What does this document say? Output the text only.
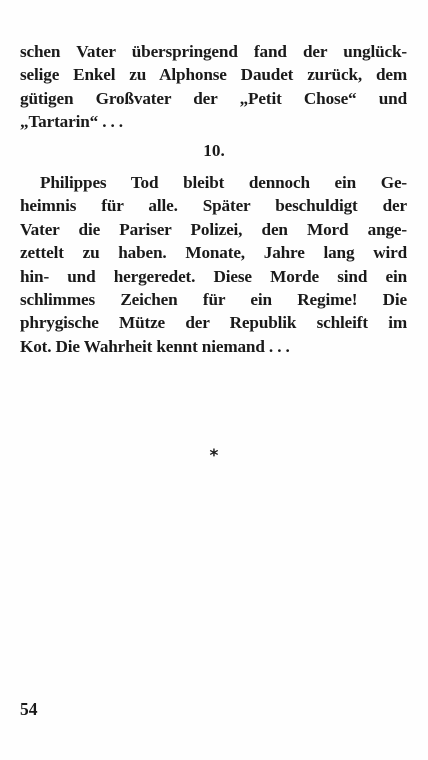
schen Vater überspringend fand der unglück-
selige Enkel zu Alphonse Daudet zurück, dem
gütigen Großvater der „Petit Chose“ und
„Tartarin“ . . .
10.
Philippes Tod bleibt dennoch ein Ge-
heimnis für alle. Später beschuldigt der
Vater die Pariser Polizei, den Mord ange-
zettelt zu haben. Monate, Jahre lang wird
hin- und hergeredet. Diese Morde sind ein
schlimmes Zeichen für ein Regime! Die
phrygische Mütze der Republik schleift im
Kot. Die Wahrheit kennt niemand . . .
*
54
